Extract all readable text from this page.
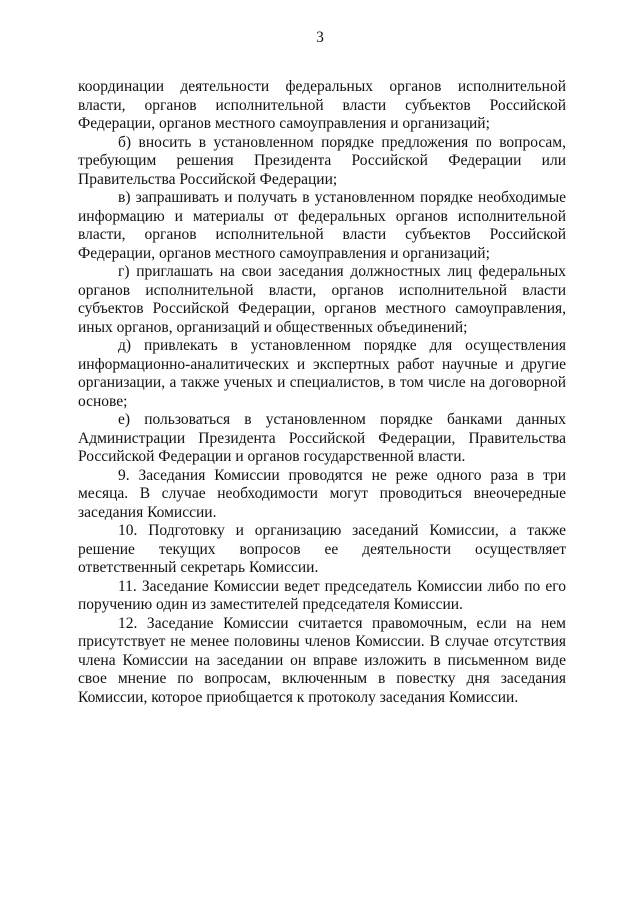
3

координации деятельности федеральных органов исполнительной власти, органов исполнительной власти субъектов Российской Федерации, органов местного самоуправления и организаций;

б) вносить в установленном порядке предложения по вопросам, требующим решения Президента Российской Федерации или Правительства Российской Федерации;

в) запрашивать и получать в установленном порядке необходимые информацию и материалы от федеральных органов исполнительной власти, органов исполнительной власти субъектов Российской Федерации, органов местного самоуправления и организаций;

г) приглашать на свои заседания должностных лиц федеральных органов исполнительной власти, органов исполнительной власти субъектов Российской Федерации, органов местного самоуправления, иных органов, организаций и общественных объединений;

д) привлекать в установленном порядке для осуществления информационно-аналитических и экспертных работ научные и другие организации, а также ученых и специалистов, в том числе на договорной основе;

е) пользоваться в установленном порядке банками данных Администрации Президента Российской Федерации, Правительства Российской Федерации и органов государственной власти.

9. Заседания Комиссии проводятся не реже одного раза в три месяца. В случае необходимости могут проводиться внеочередные заседания Комиссии.

10. Подготовку и организацию заседаний Комиссии, а также решение текущих вопросов ее деятельности осуществляет ответственный секретарь Комиссии.

11. Заседание Комиссии ведет председатель Комиссии либо по его поручению один из заместителей председателя Комиссии.

12. Заседание Комиссии считается правомочным, если на нем присутствует не менее половины членов Комиссии. В случае отсутствия члена Комиссии на заседании он вправе изложить в письменном виде свое мнение по вопросам, включенным в повестку дня заседания Комиссии, которое приобщается к протоколу заседания Комиссии.
